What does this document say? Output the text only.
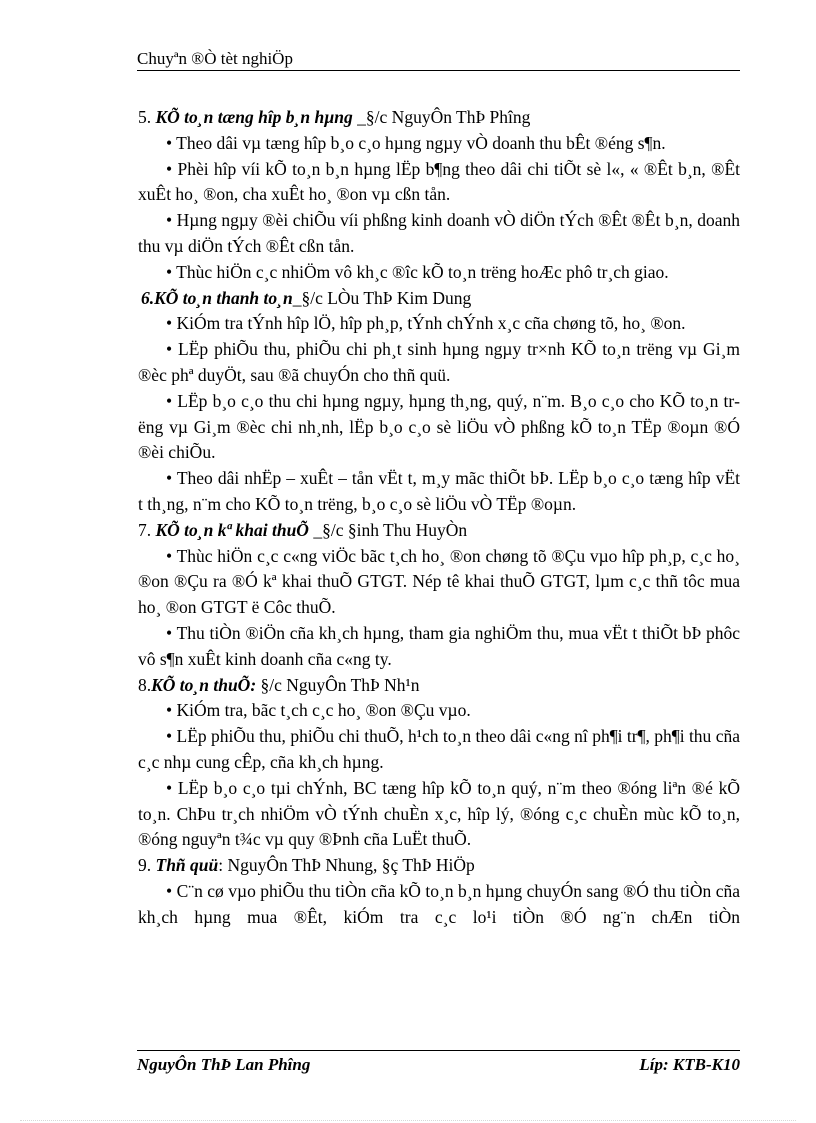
Chuyªn ®Ò tèt nghiÖp

5. KÕ to¸n tæng hîp b¸n hµng _§/c NguyÔn ThÞ Phîng

• Theo dâi vµ tæng hîp b¸o c¸o hµng ngµy vÒ doanh thu bÊt ®éng s¶n.

• Phèi hîp víi kÕ to¸n b¸n hµng lËp b¶ng theo dâi chi tiÕt sè l«, « ®Êt b¸n, ®Êt xuÊt ho¸ ®on, cha xuÊt ho¸ ®on vµ cßn tån.

• Hµng ngµy ®èi chiÕu víi phßng kinh doanh vÒ diÖn tÝch ®Êt ®Êt b¸n, doanh thu vµ diÖn tÝch ®Êt cßn tån.

• Thùc hiÖn c¸c nhiÖm vô kh¸c ®îc kÕ to¸n trëng hoÆc phô tr¸ch giao.

6.KÕ to¸n thanh to¸n_§/c LÒu ThÞ Kim Dung

• KiÓm tra tÝnh hîp lÖ, hîp ph¸p, tÝnh chÝnh x¸c cña chøng tõ, ho¸ ®on.

• LËp phiÕu thu, phiÕu chi ph¸t sinh hµng ngµy tr×nh KÕ to¸n trëng vµ Gi¸m ®èc phª duyÖt, sau ®ã chuyÓn cho thñ quü.

• LËp b¸o c¸o thu chi hµng ngµy, hµng th¸ng, quý, n¨m. B¸o c¸o cho KÕ to¸n trëng vµ Gi¸m ®èc chi nh¸nh, lËp b¸o c¸o sè liÖu vÒ phßng kÕ to¸n TËp ®oµn ®Ó ®èi chiÕu.

• Theo dâi nhËp – xuÊt – tån vËt t, m¸y mãc thiÕt bÞ. LËp b¸o c¸o tæng hîp vËt t th¸ng, n¨m cho KÕ to¸n trëng, b¸o c¸o sè liÖu vÒ TËp ®oµn.

7. KÕ to¸n kª khai thuÕ _§/c §inh Thu HuyÒn

• Thùc hiÖn c¸c c«ng viÖc bãc t¸ch ho¸ ®on chøng tõ ®Çu vµo hîp ph¸p, c¸c ho¸ ®on ®Çu ra ®Ó kª khai thuÕ GTGT. Nép tê khai thuÕ GTGT, lµm c¸c thñ tôc mua ho¸ ®on GTGT ë Côc thuÕ.

• Thu tiÒn ®iÖn cña kh¸ch hµng, tham gia nghiÖm thu, mua vËt t thiÕt bÞ phôc vô s¶n xuÊt kinh doanh cña c«ng ty.

8.KÕ to¸n thuÕ: §/c NguyÔn ThÞ Nh¹n

• KiÓm tra, bãc t¸ch c¸c ho¸ ®on ®Çu vµo.

• LËp phiÕu thu, phiÕu chi thuÕ, h¹ch to¸n theo dâi c«ng nî ph¶i tr¶, ph¶i thu cña c¸c nhµ cung cÊp, cña kh¸ch hµng.

• LËp b¸o c¸o tµi chÝnh, BC tæng hîp kÕ to¸n quý, n¨m theo ®óng liªn ®é kÕ to¸n. ChÞu tr¸ch nhiÖm vÒ tÝnh chuÈn x¸c, hîp lý, ®óng c¸c chuÈn mùc kÕ to¸n, ®óng nguyªn t¾c vµ quy ®Þnh cña LuËt thuÕ.

9. Thñ quü: NguyÔn ThÞ Nhung, §ç ThÞ HiÖp

• C¨n cø vµo phiÕu thu tiÒn cña kÕ to¸n b¸n hµng chuyÓn sang ®Ó thu tiÒn cña kh¸ch hµng mua ®Êt, kiÓm tra c¸c lo¹i tiÒn ®Ó ng¨n chÆn tiÒn

NguyÔn ThÞ Lan Phîng	Líp: KTB-K10
